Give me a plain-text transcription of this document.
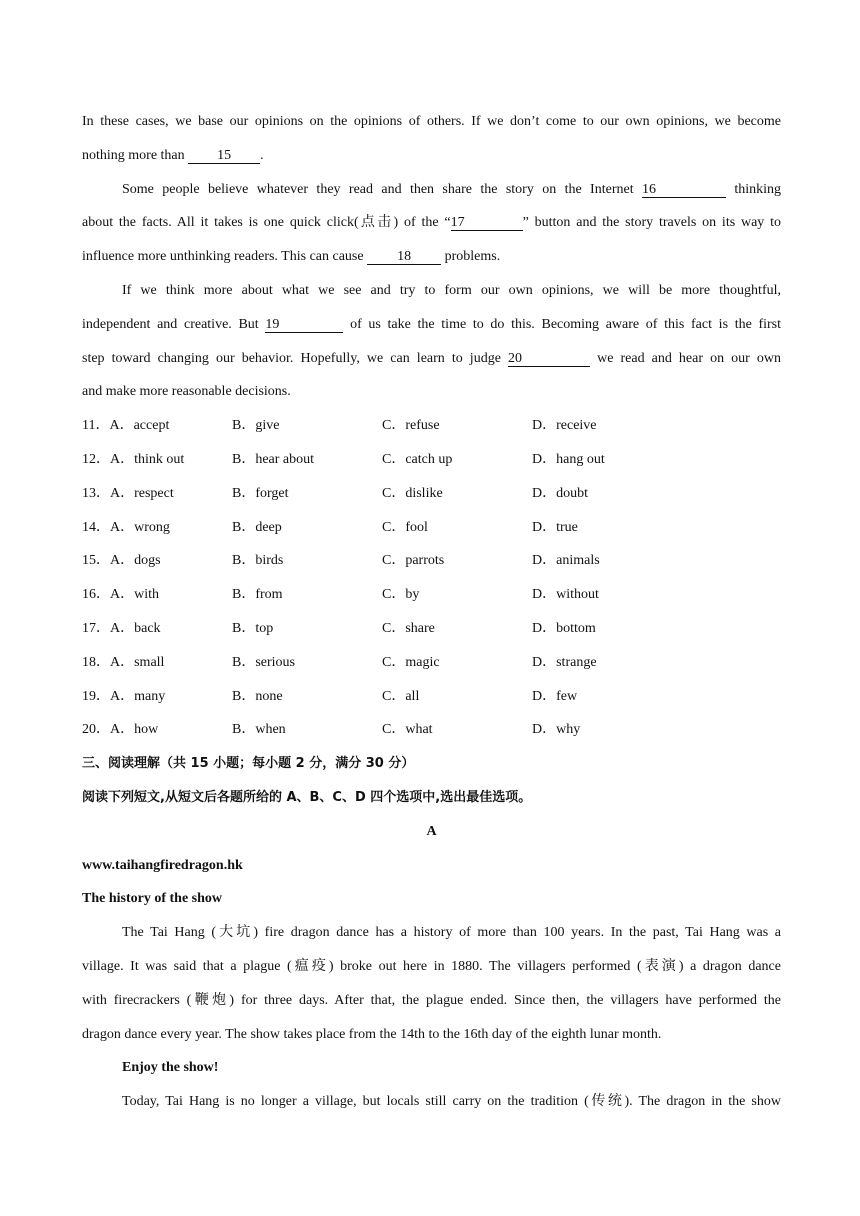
In these cases, we base our opinions on the opinions of others. If we don’t come to our own opinions, we become
nothing more than 15 .
Some people believe whatever they read and then share the story on the Internet 16	thinking
about the facts. All it takes is one quick click(点击) of the “17	” button and the story travels on its way to
influence more unthinking readers. This can cause 18 problems.
If we think more about what we see and try to form our own opinions, we will be more thoughtful,
independent and creative. But 19	of us take the time to do this. Becoming aware of this fact is the first
step toward changing our behavior. Hopefully, we can learn to judge 20	we read and hear on our own
and make more reasonable decisions.
11．A．accept	B．give	C．refuse	D．receive
12．A．think out	B．hear about	C．catch up	D．hang out
13．A．respect	B．forget	C．dislike	D．doubt
14．A．wrong	B．deep	C．fool	D．true
15．A．dogs	B．birds	C．parrots	D．animals
16．A．with	B．from	C．by	D．without
17．A．back	B．top	C．share	D．bottom
18．A．small	B．serious	C．magic	D．strange
19．A．many	B．none	C．all	D．few
20．A．how	B．when	C．what	D．why
三、阅读理解（共 15 小题；每小题 2 分，满分 30 分）
阅读下列短文,从短文后各题所给的 A、B、C、D 四个选项中,选出最佳选项。
A
www.taihangfiredragon.hk
The history of the show
The Tai Hang (大坑) fire dragon dance has a history of more than 100 years. In the past, Tai Hang was a
village. It was said that a plague (瘟疫) broke out here in 1880. The villagers performed (表演) a dragon dance
with firecrackers (鞭炮) for three days. After that, the plague ended. Since then, the villagers have performed the
dragon dance every year. The show takes place from the 14th to the 16th day of the eighth lunar month.
Enjoy the show!
Today, Tai Hang is no longer a village, but locals still carry on the tradition (传统). The dragon in the show
